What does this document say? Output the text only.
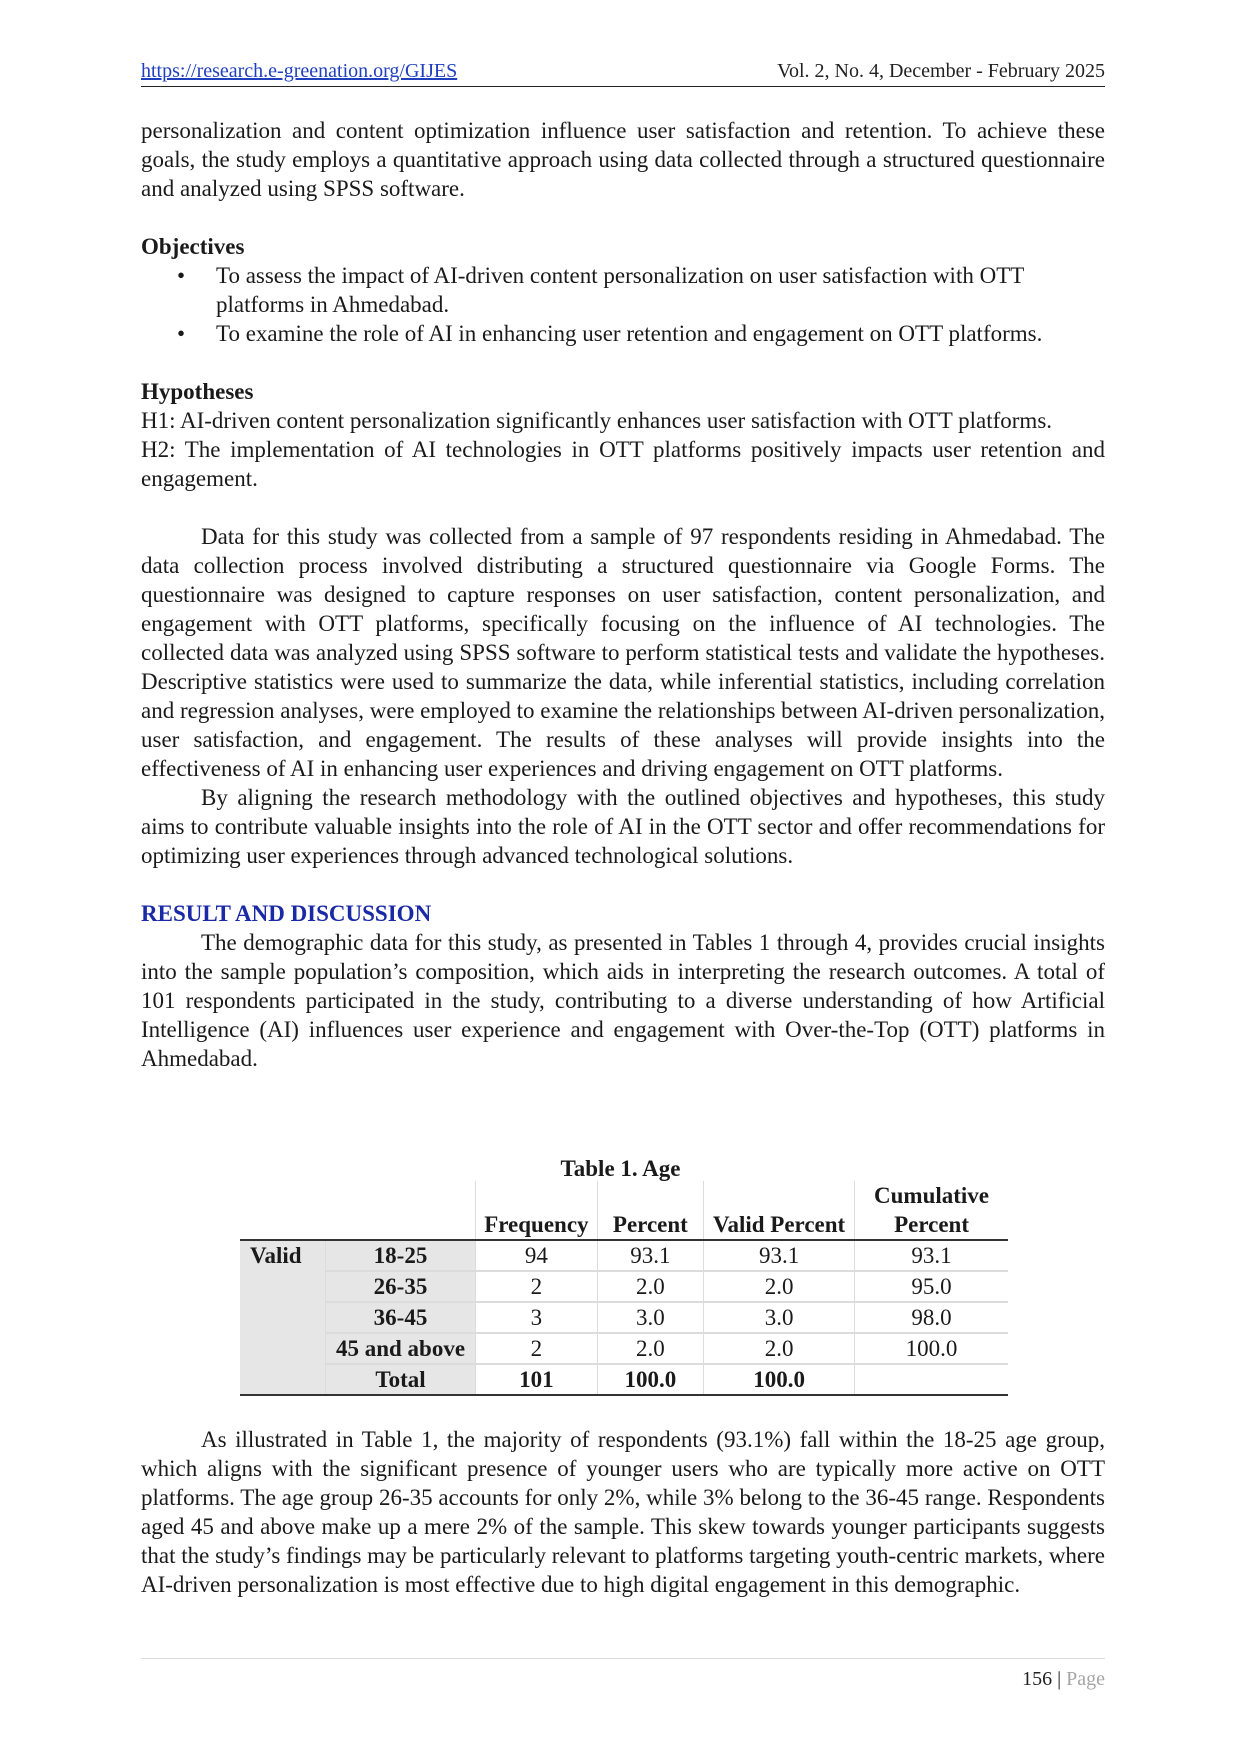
https://research.e-greenation.org/GIJES	Vol. 2, No. 4, December - February 2025

personalization and content optimization influence user satisfaction and retention. To achieve these goals, the study employs a quantitative approach using data collected through a structured questionnaire and analyzed using SPSS software.

Objectives

• To assess the impact of AI-driven content personalization on user satisfaction with OTT platforms in Ahmedabad.
• To examine the role of AI in enhancing user retention and engagement on OTT platforms.

Hypotheses

H1: AI-driven content personalization significantly enhances user satisfaction with OTT platforms.

H2: The implementation of AI technologies in OTT platforms positively impacts user retention and engagement.

Data for this study was collected from a sample of 97 respondents residing in Ahmedabad. The data collection process involved distributing a structured questionnaire via Google Forms. The questionnaire was designed to capture responses on user satisfaction, content personalization, and engagement with OTT platforms, specifically focusing on the influence of AI technologies. The collected data was analyzed using SPSS software to perform statistical tests and validate the hypotheses. Descriptive statistics were used to summarize the data, while inferential statistics, including correlation and regression analyses, were employed to examine the relationships between AI-driven personalization, user satisfaction, and engagement. The results of these analyses will provide insights into the effectiveness of AI in enhancing user experiences and driving engagement on OTT platforms.

By aligning the research methodology with the outlined objectives and hypotheses, this study aims to contribute valuable insights into the role of AI in the OTT sector and offer recommendations for optimizing user experiences through advanced technological solutions.

RESULT AND DISCUSSION

The demographic data for this study, as presented in Tables 1 through 4, provides crucial insights into the sample population’s composition, which aids in interpreting the research outcomes. A total of 101 respondents participated in the study, contributing to a diverse understanding of how Artificial Intelligence (AI) influences user experience and engagement with Over-the-Top (OTT) platforms in Ahmedabad.

Table 1. Age
		Frequency	Percent	Valid Percent	Cumulative
Percent
Valid	18-25	94	93.1	93.1	93.1
	26-35	2	2.0	2.0	95.0
	36-45	3	3.0	3.0	98.0
	45 and above	2	2.0	2.0	100.0
	Total	101	100.0	100.0	

As illustrated in Table 1, the majority of respondents (93.1%) fall within the 18-25 age group, which aligns with the significant presence of younger users who are typically more active on OTT platforms. The age group 26-35 accounts for only 2%, while 3% belong to the 36-45 range. Respondents aged 45 and above make up a mere 2% of the sample. This skew towards younger participants suggests that the study’s findings may be particularly relevant to platforms targeting youth-centric markets, where AI-driven personalization is most effective due to high digital engagement in this demographic.

156 | Page
